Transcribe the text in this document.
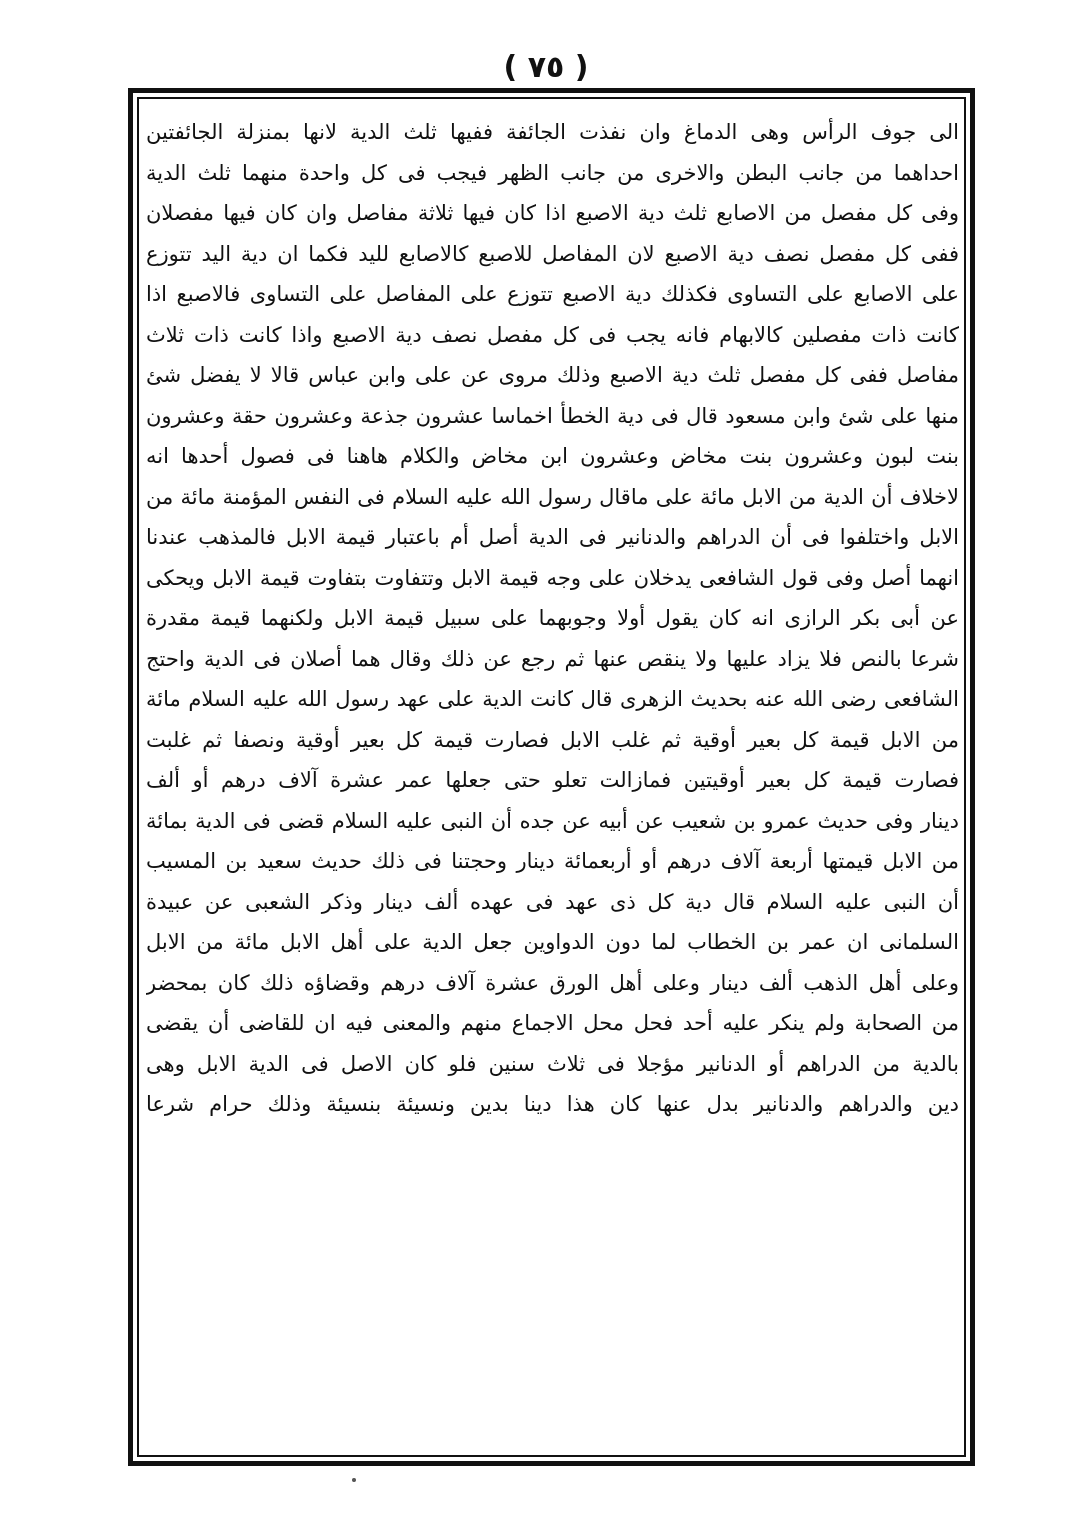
( ٧٥ )
الى جوف الرأس وهى الدماغ وان نفذت الجائفة ففيها ثلث الدية لانها بمنزلة الجائفتين
احداهما من جانب البطن والاخرى من جانب الظهر فيجب فى كل واحدة منهما ثلث الدية
وفى كل مفصل من الاصابع ثلث دية الاصبع اذا كان فيها ثلاثة مفاصل وان كان فيها مفصلان
ففى كل مفصل نصف دية الاصبع لان المفاصل للاصبع كالاصابع لليد فكما ان دية اليد تتوزع
على الاصابع على التساوى فكذلك دية الاصبع تتوزع على المفاصل على التساوى فالاصبع اذا
كانت ذات مفصلين كالابهام فانه يجب فى كل مفصل نصف دية الاصبع واذا كانت ذات ثلاث
مفاصل ففى كل مفصل ثلث دية الاصبع وذلك مروى عن على وابن عباس قالا لا يفضل شئ
منها على شئ وابن مسعود قال فى دية الخطأ اخماسا عشرون جذعة وعشرون حقة وعشرون
بنت لبون وعشرون بنت مخاض وعشرون ابن مخاض والكلام هاهنا فى فصول أحدها انه
لاخلاف أن الدية من الابل مائة على ماقال رسول الله عليه السلام فى النفس المؤمنة مائة من
الابل واختلفوا فى أن الدراهم والدنانير فى الدية أصل أم باعتبار قيمة الابل فالمذهب عندنا
انهما أصل وفى قول الشافعى يدخلان على وجه قيمة الابل وتتفاوت بتفاوت قيمة الابل ويحكى
عن أبى بكر الرازى انه كان يقول أولا وجوبهما على سبيل قيمة الابل ولكنهما قيمة مقدرة
شرعا بالنص فلا يزاد عليها ولا ينقص عنها ثم رجع عن ذلك وقال هما أصلان فى الدية واحتج
الشافعى رضى الله عنه بحديث الزهرى قال كانت الدية على عهد رسول الله عليه السلام مائة
من الابل قيمة كل بعير أوقية ثم غلب الابل فصارت قيمة كل بعير أوقية ونصفا ثم غلبت
فصارت قيمة كل بعير أوقيتين فمازالت تعلو حتى جعلها عمر عشرة آلاف درهم أو ألف
دينار وفى حديث عمرو بن شعيب عن أبيه عن جده أن النبى عليه السلام قضى فى الدية بمائة
من الابل قيمتها أربعة آلاف درهم أو أربعمائة دينار وحجتنا فى ذلك حديث سعيد بن المسيب
أن النبى عليه السلام قال دية كل ذى عهد فى عهده ألف دينار وذكر الشعبى عن عبيدة
السلمانى ان عمر بن الخطاب لما دون الدواوين جعل الدية على أهل الابل مائة من الابل
وعلى أهل الذهب ألف دينار وعلى أهل الورق عشرة آلاف درهم وقضاؤه ذلك كان بمحضر
من الصحابة ولم ينكر عليه أحد فحل محل الاجماع منهم والمعنى فيه ان للقاضى أن يقضى
بالدية من الدراهم أو الدنانير مؤجلا فى ثلاث سنين فلو كان الاصل فى الدية الابل وهى
دين والدراهم والدنانير بدل عنها كان هذا دينا بدين ونسيئة بنسيئة وذلك حرام شرعا
